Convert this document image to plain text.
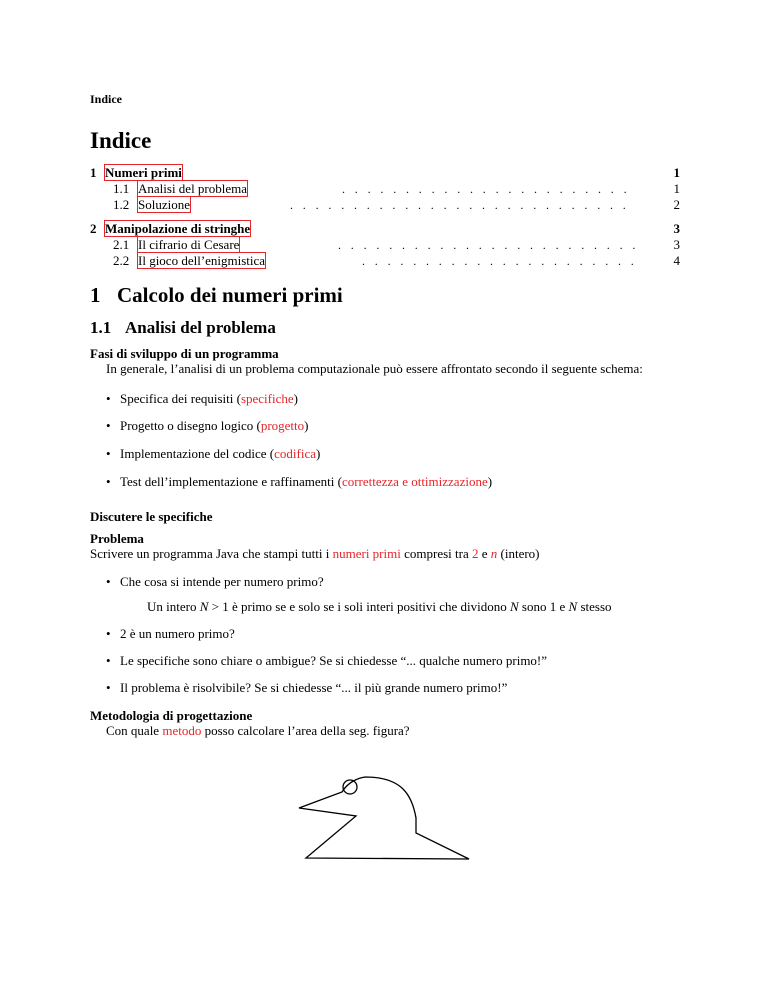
Indice
Indice
1 Numeri primi	1
1.1 Analisi del problema	. . . . . . . . . . . . . . . . . . . . . . .	1
1.2 Soluzione	. . . . . . . . . . . . . . . . . . . . . . . . . . .	2
2 Manipolazione di stringhe	3
2.1 Il cifrario di Cesare	. . . . . . . . . . . . . . . . . . . . . . . .	3
2.2 Il gioco dell’enigmistica	. . . . . . . . . . . . . . . . . . . . . .	4
1 Calcolo dei numeri primi
1.1 Analisi del problema
Fasi di sviluppo di un programma
In generale, l’analisi di un problema computazionale può essere affrontato secondo il seguente schema:
• Specifica dei requisiti (specifiche)
• Progetto o disegno logico (progetto)
• Implementazione del codice (codifica)
• Test dell’implementazione e raffinamenti (correttezza e ottimizzazione)
Discutere le specifiche
Problema
Scrivere un programma Java che stampi tutti i numeri primi compresi tra 2 e n (intero)
• Che cosa si intende per numero primo?
Un intero N > 1 è primo se e solo se i soli interi positivi che dividono N sono 1 e N stesso
• 2 è un numero primo?
• Le specifiche sono chiare o ambigue? Se si chiedesse “... qualche numero primo!”
• Il problema è risolvibile? Se si chiedesse “... il più grande numero primo!”
Metodologia di progettazione
Con quale metodo posso calcolare l’area della seg. figura?
